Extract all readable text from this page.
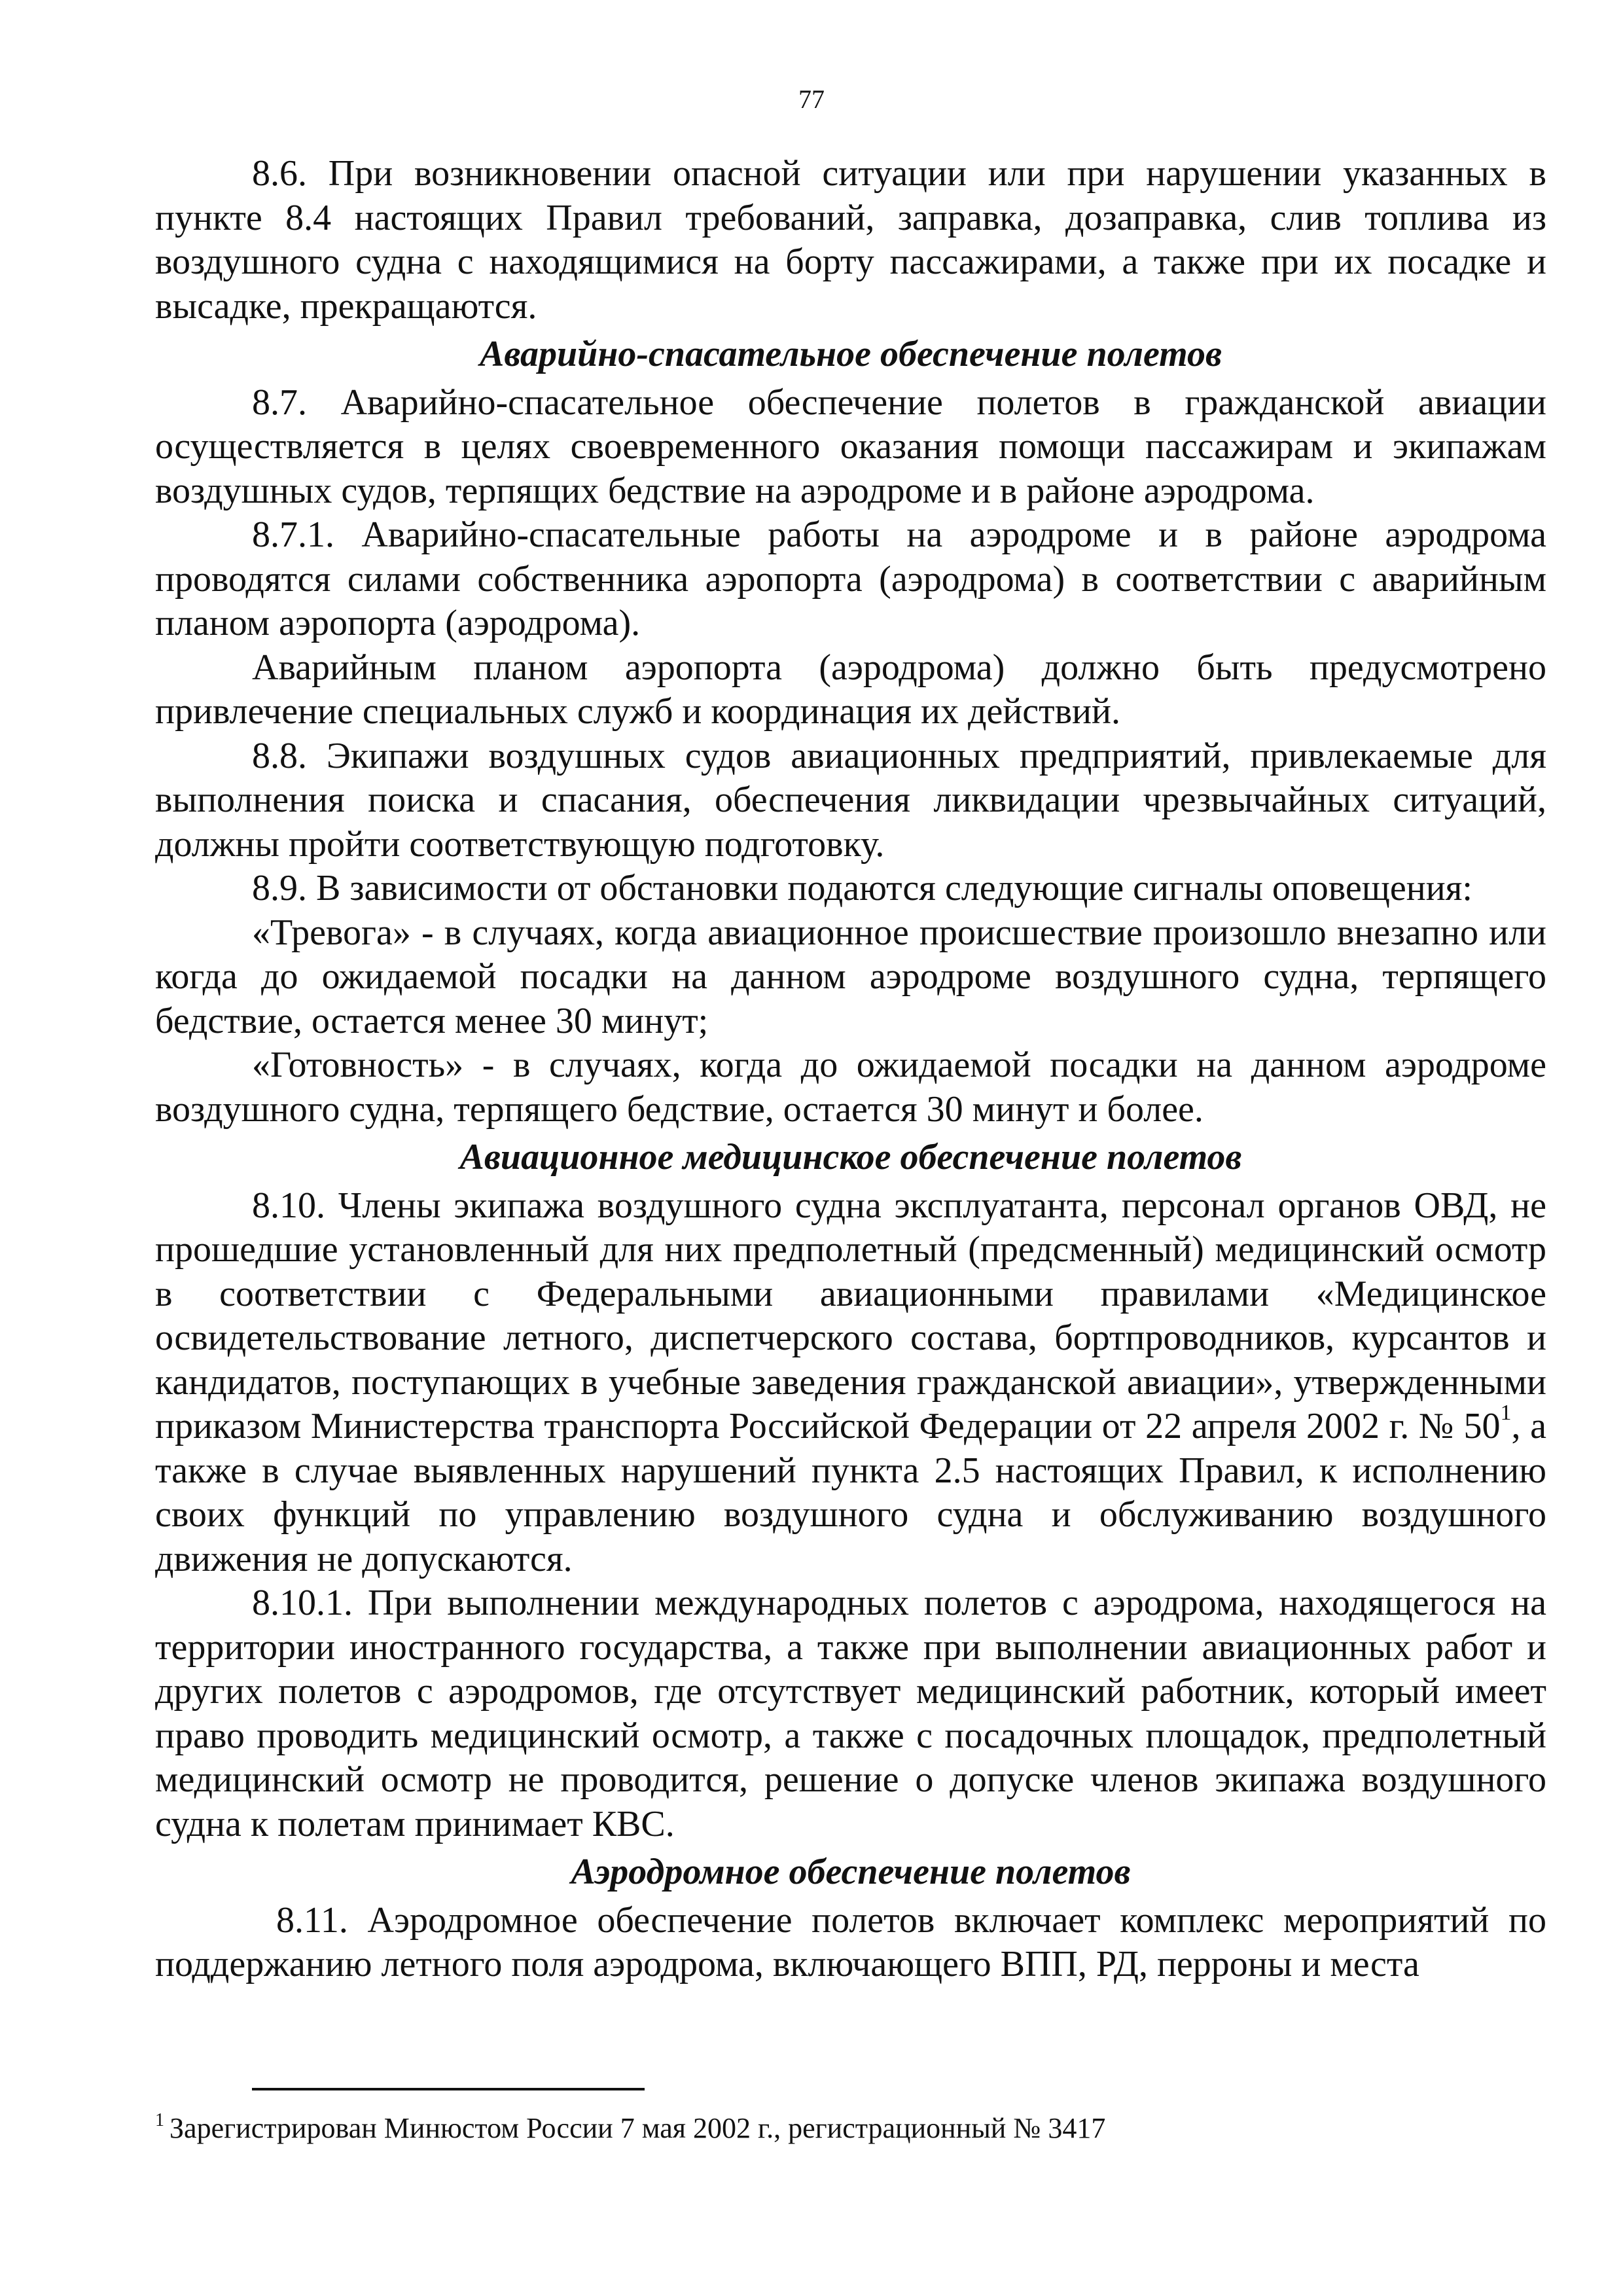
77

8.6. При возникновении опасной ситуации или при нарушении указанных в пункте 8.4 настоящих Правил требований, заправка, дозаправка, слив топлива из воздушного судна с находящимися на борту пассажирами, а также при их посадке и высадке, прекращаются.

Аварийно-спасательное обеспечение полетов

8.7. Аварийно-спасательное обеспечение полетов в гражданской авиации осуществляется в целях своевременного оказания помощи пассажирам и экипажам воздушных судов, терпящих бедствие на аэродроме и в районе аэродрома.

8.7.1. Аварийно-спасательные работы на аэродроме и в районе аэродрома проводятся силами собственника аэропорта (аэродрома) в соответствии с аварийным планом аэропорта (аэродрома).

Аварийным планом аэропорта (аэродрома) должно быть предусмотрено привлечение специальных служб и координация их действий.

8.8. Экипажи воздушных судов авиационных предприятий, привлекаемые для выполнения поиска и спасания, обеспечения ликвидации чрезвычайных ситуаций, должны пройти соответствующую подготовку.

8.9. В зависимости от обстановки подаются следующие сигналы оповещения:

«Тревога» - в случаях, когда авиационное происшествие произошло внезапно или когда до ожидаемой посадки на данном аэродроме воздушного судна, терпящего бедствие, остается менее 30 минут;

«Готовность» - в случаях, когда до ожидаемой посадки на данном аэродроме воздушного судна, терпящего бедствие, остается 30 минут и более.

Авиационное медицинское обеспечение полетов

8.10. Члены экипажа воздушного судна эксплуатанта, персонал органов ОВД, не прошедшие установленный для них предполетный (предсменный) медицинский осмотр в соответствии с Федеральными авиационными правилами «Медицинское освидетельствование летного, диспетчерского состава, бортпроводников, курсантов и кандидатов, поступающих в учебные заведения гражданской авиации», утвержденными приказом Министерства транспорта Российской Федерации от 22 апреля 2002 г. № 50$^1$, а также в случае выявленных нарушений пункта 2.5 настоящих Правил, к исполнению своих функций по управлению воздушного судна и обслуживанию воздушного движения не допускаются.

8.10.1. При выполнении международных полетов с аэродрома, находящегося на территории иностранного государства, а также при выполнении авиационных работ и других полетов с аэродромов, где отсутствует медицинский работник, который имеет право проводить медицинский осмотр, а также с посадочных площадок, предполетный медицинский осмотр не проводится, решение о допуске членов экипажа воздушного судна к полетам принимает КВС.

Аэродромное обеспечение полетов

8.11. Аэродромное обеспечение полетов включает комплекс мероприятий по поддержанию летного поля аэродрома, включающего ВПП, РД, перроны и места

$^1$ Зарегистрирован Минюстом России 7 мая 2002 г., регистрационный № 3417
